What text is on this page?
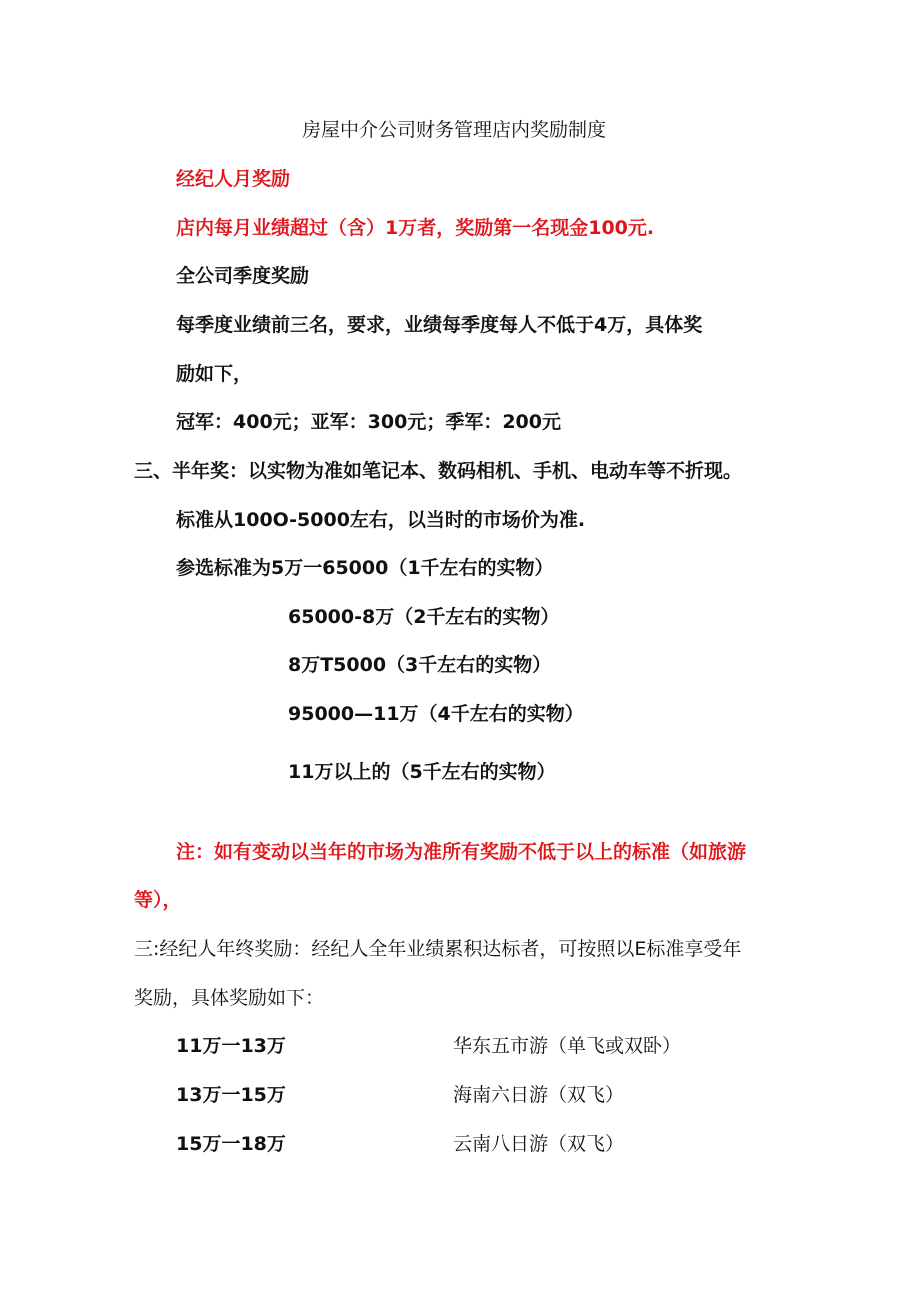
房屋中介公司财务管理店内奖励制度
经纪人月奖励
店内每月业绩超过（含）1万者，奖励第一名现金100元.
全公司季度奖励
每季度业绩前三名，要求，业绩每季度每人不低于4万，具体奖
励如下，
冠军：400元；亚军：300元；季军：200元
三、半年奖：以实物为准如笔记本、数码相机、手机、电动车等不折现。
标准从100O-5000左右，以当时的市场价为准.
参选标准为5万一65000（1千左右的实物）
65000-8万（2千左右的实物）
8万T5000（3千左右的实物）
95000—11万（4千左右的实物）
11万以上的（5千左右的实物）
注：如有变动以当年的市场为准所有奖励不低于以上的标准（如旅游
等），
三:经纪人年终奖励：经纪人全年业绩累积达标者，可按照以E标准享受年
奖励，具体奖励如下：
11万一13万	华东五市游（单飞或双卧）
13万一15万	海南六日游（双飞）
15万一18万	云南八日游（双飞）
